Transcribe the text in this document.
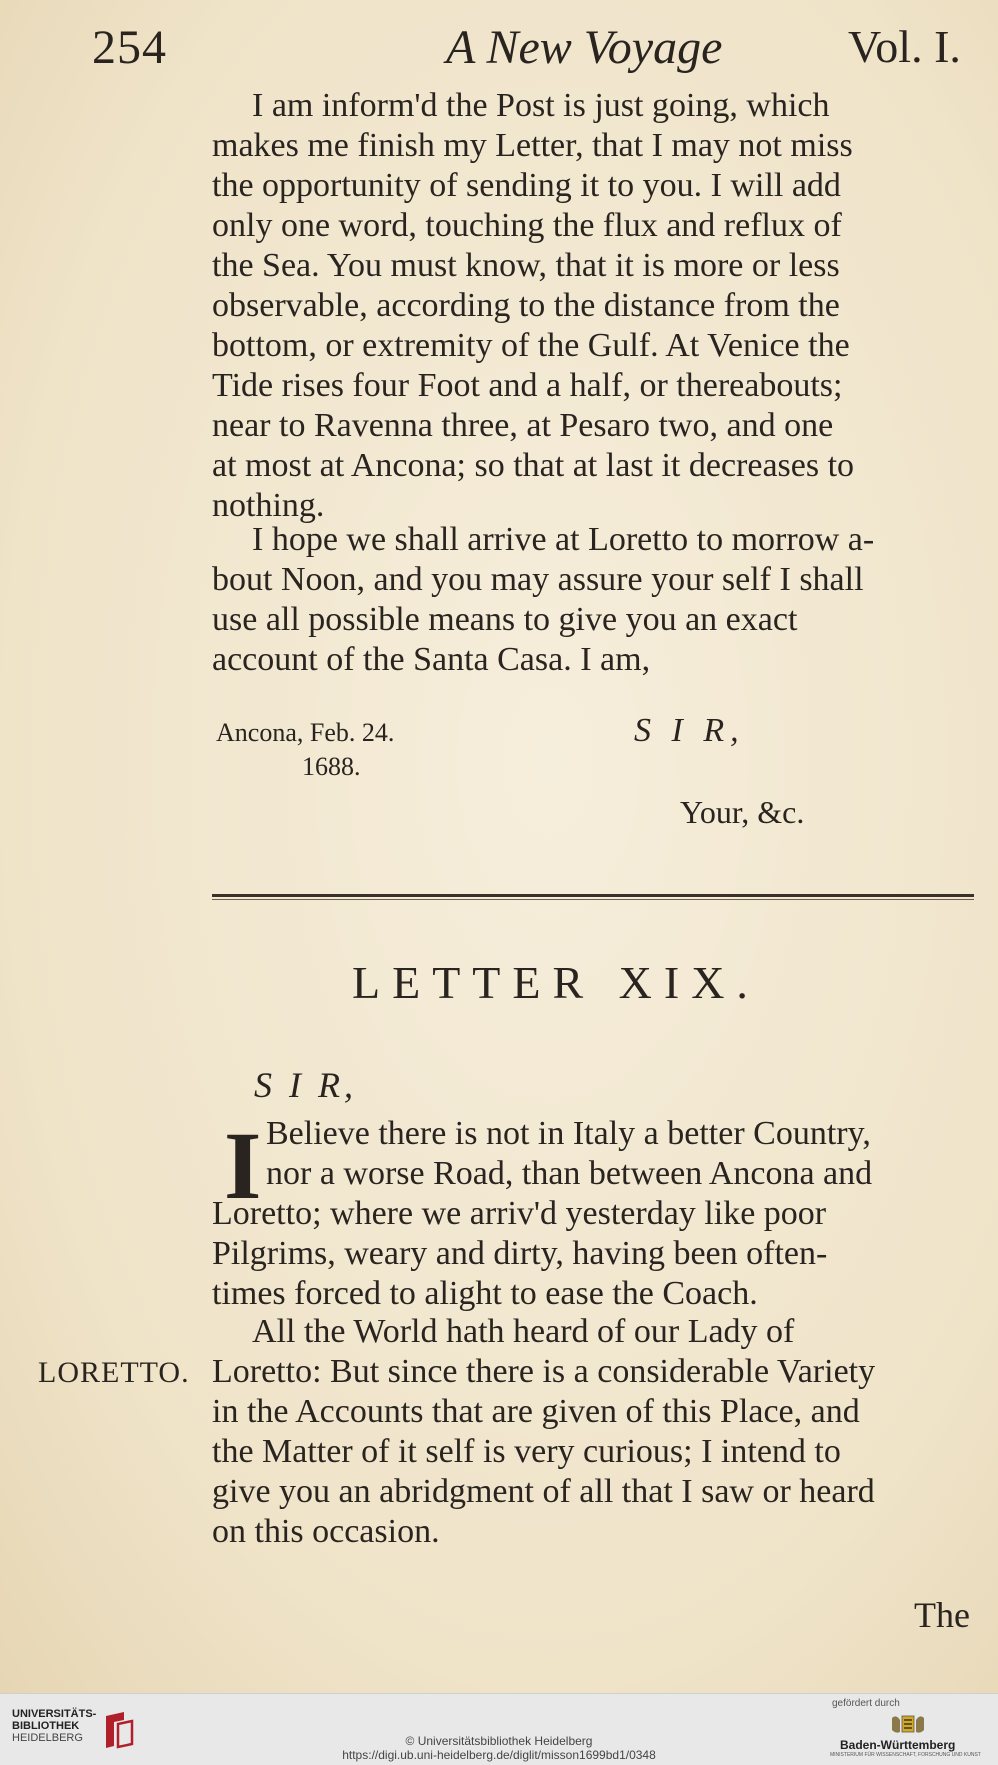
254	A New Voyage	Vol. I.

I am inform'd the Post is just going, which

makes me finish my Letter, that I may not miss

the opportunity of sending it to you. I will add

only one word, touching the flux and reflux of

the Sea. You must know, that it is more or less

observable, according to the distance from the

bottom, or extremity of the Gulf. At Venice the

Tide rises four Foot and a half, or thereabouts;

near to Ravenna three, at Pesaro two, and one

at most at Ancona; so that at last it decreases to

nothing.

I hope we shall arrive at Loretto to morrow a-

bout Noon, and you may assure your self I shall

use all possible means to give you an exact

account of the Santa Casa. I am,

Ancona, Feb. 24.
1688.
S I R,
Your, &c.
LETTER XIX.
S I R,
I Believe there is not in Italy a better Country,

nor a worse Road, than between Ancona and

Loretto; where we arriv'd yesterday like poor

Pilgrims, weary and dirty, having been often-

times forced to alight to ease the Coach.

LORETTO.

All the World hath heard of our Lady of

Loretto: But since there is a considerable Variety

in the Accounts that are given of this Place, and

the Matter of it self is very curious; I intend to

give you an abridgment of all that I saw or heard

on this occasion.

The
UNIVERSITÄTS-
BIBLIOTHEK
HEIDELBERG	© Universitätsbibliothek Heidelberg
https://digi.ub.uni-heidelberg.de/diglit/misson1699bd1/0348
gefördert durch
Baden-Württemberg
MINISTERIUM FÜR WISSENSCHAFT, FORSCHUNG UND KUNST
